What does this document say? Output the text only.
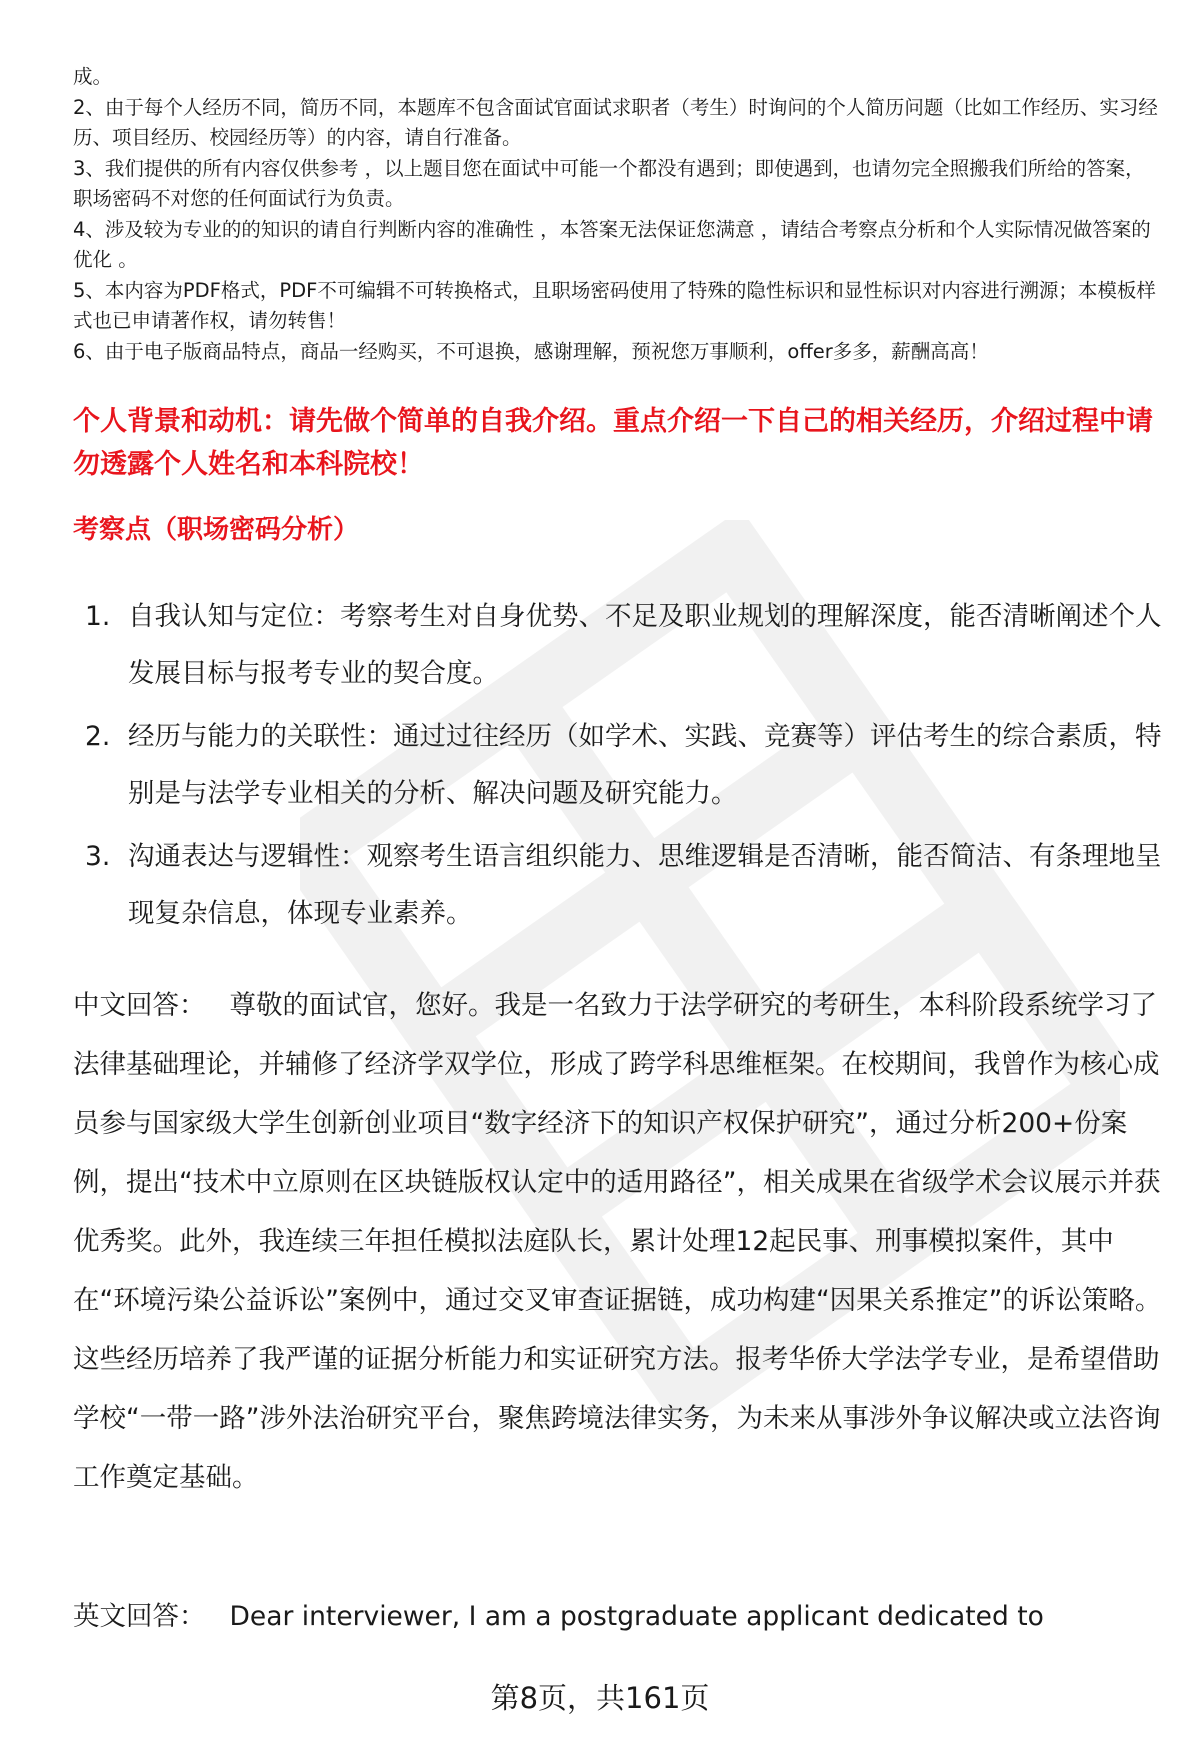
成。

2、由于每个人经历不同，简历不同，本题库不包含面试官面试求职者（考生）时询问的个人简历问题（比如工作经历、实习经历、项目经历、校园经历等）的内容，请自行准备。

3、我们提供的所有内容仅供参考 ，以上题目您在面试中可能一个都没有遇到；即使遇到，也请勿完全照搬我们所给的答案，职场密码不对您的任何面试行为负责。

4、涉及较为专业的的知识的请自行判断内容的准确性 ，本答案无法保证您满意 ，请结合考察点分析和个人实际情况做答案的优化 。

5、本内容为PDF格式，PDF不可编辑不可转换格式，且职场密码使用了特殊的隐性标识和显性标识对内容进行溯源；本模板样式也已申请著作权，请勿转售！

6、由于电子版商品特点，商品一经购买，不可退换，感谢理解，预祝您万事顺利，offer多多，薪酬高高！

个人背景和动机：请先做个简单的自我介绍。重点介绍一下自己的相关经历，介绍过程中请勿透露个人姓名和本科院校！
考察点（职场密码分析）
1. 自我认知与定位：考察考生对自身优势、不足及职业规划的理解深度，能否清晰阐述个人发展目标与报考专业的契合度。
2. 经历与能力的关联性：通过过往经历（如学术、实践、竞赛等）评估考生的综合素质，特别是与法学专业相关的分析、解决问题及研究能力。
3. 沟通表达与逻辑性：观察考生语言组织能力、思维逻辑是否清晰，能否简洁、有条理地呈现复杂信息，体现专业素养。

中文回答： 尊敬的面试官，您好。我是一名致力于法学研究的考研生，本科阶段系统学习了法律基础理论，并辅修了经济学双学位，形成了跨学科思维框架。在校期间，我曾作为核心成员参与国家级大学生创新创业项目“数字经济下的知识产权保护研究”，通过分析200+份案例，提出“技术中立原则在区块链版权认定中的适用路径”，相关成果在省级学术会议展示并获优秀奖。此外，我连续三年担任模拟法庭队长，累计处理12起民事、刑事模拟案件，其中在“环境污染公益诉讼”案例中，通过交叉审查证据链，成功构建“因果关系推定”的诉讼策略。这些经历培养了我严谨的证据分析能力和实证研究方法。报考华侨大学法学专业，是希望借助学校“一带一路”涉外法治研究平台，聚焦跨境法律实务，为未来从事涉外争议解决或立法咨询工作奠定基础。

英文回答： Dear interviewer, I am a postgraduate applicant dedicated to

第8页，共161页
